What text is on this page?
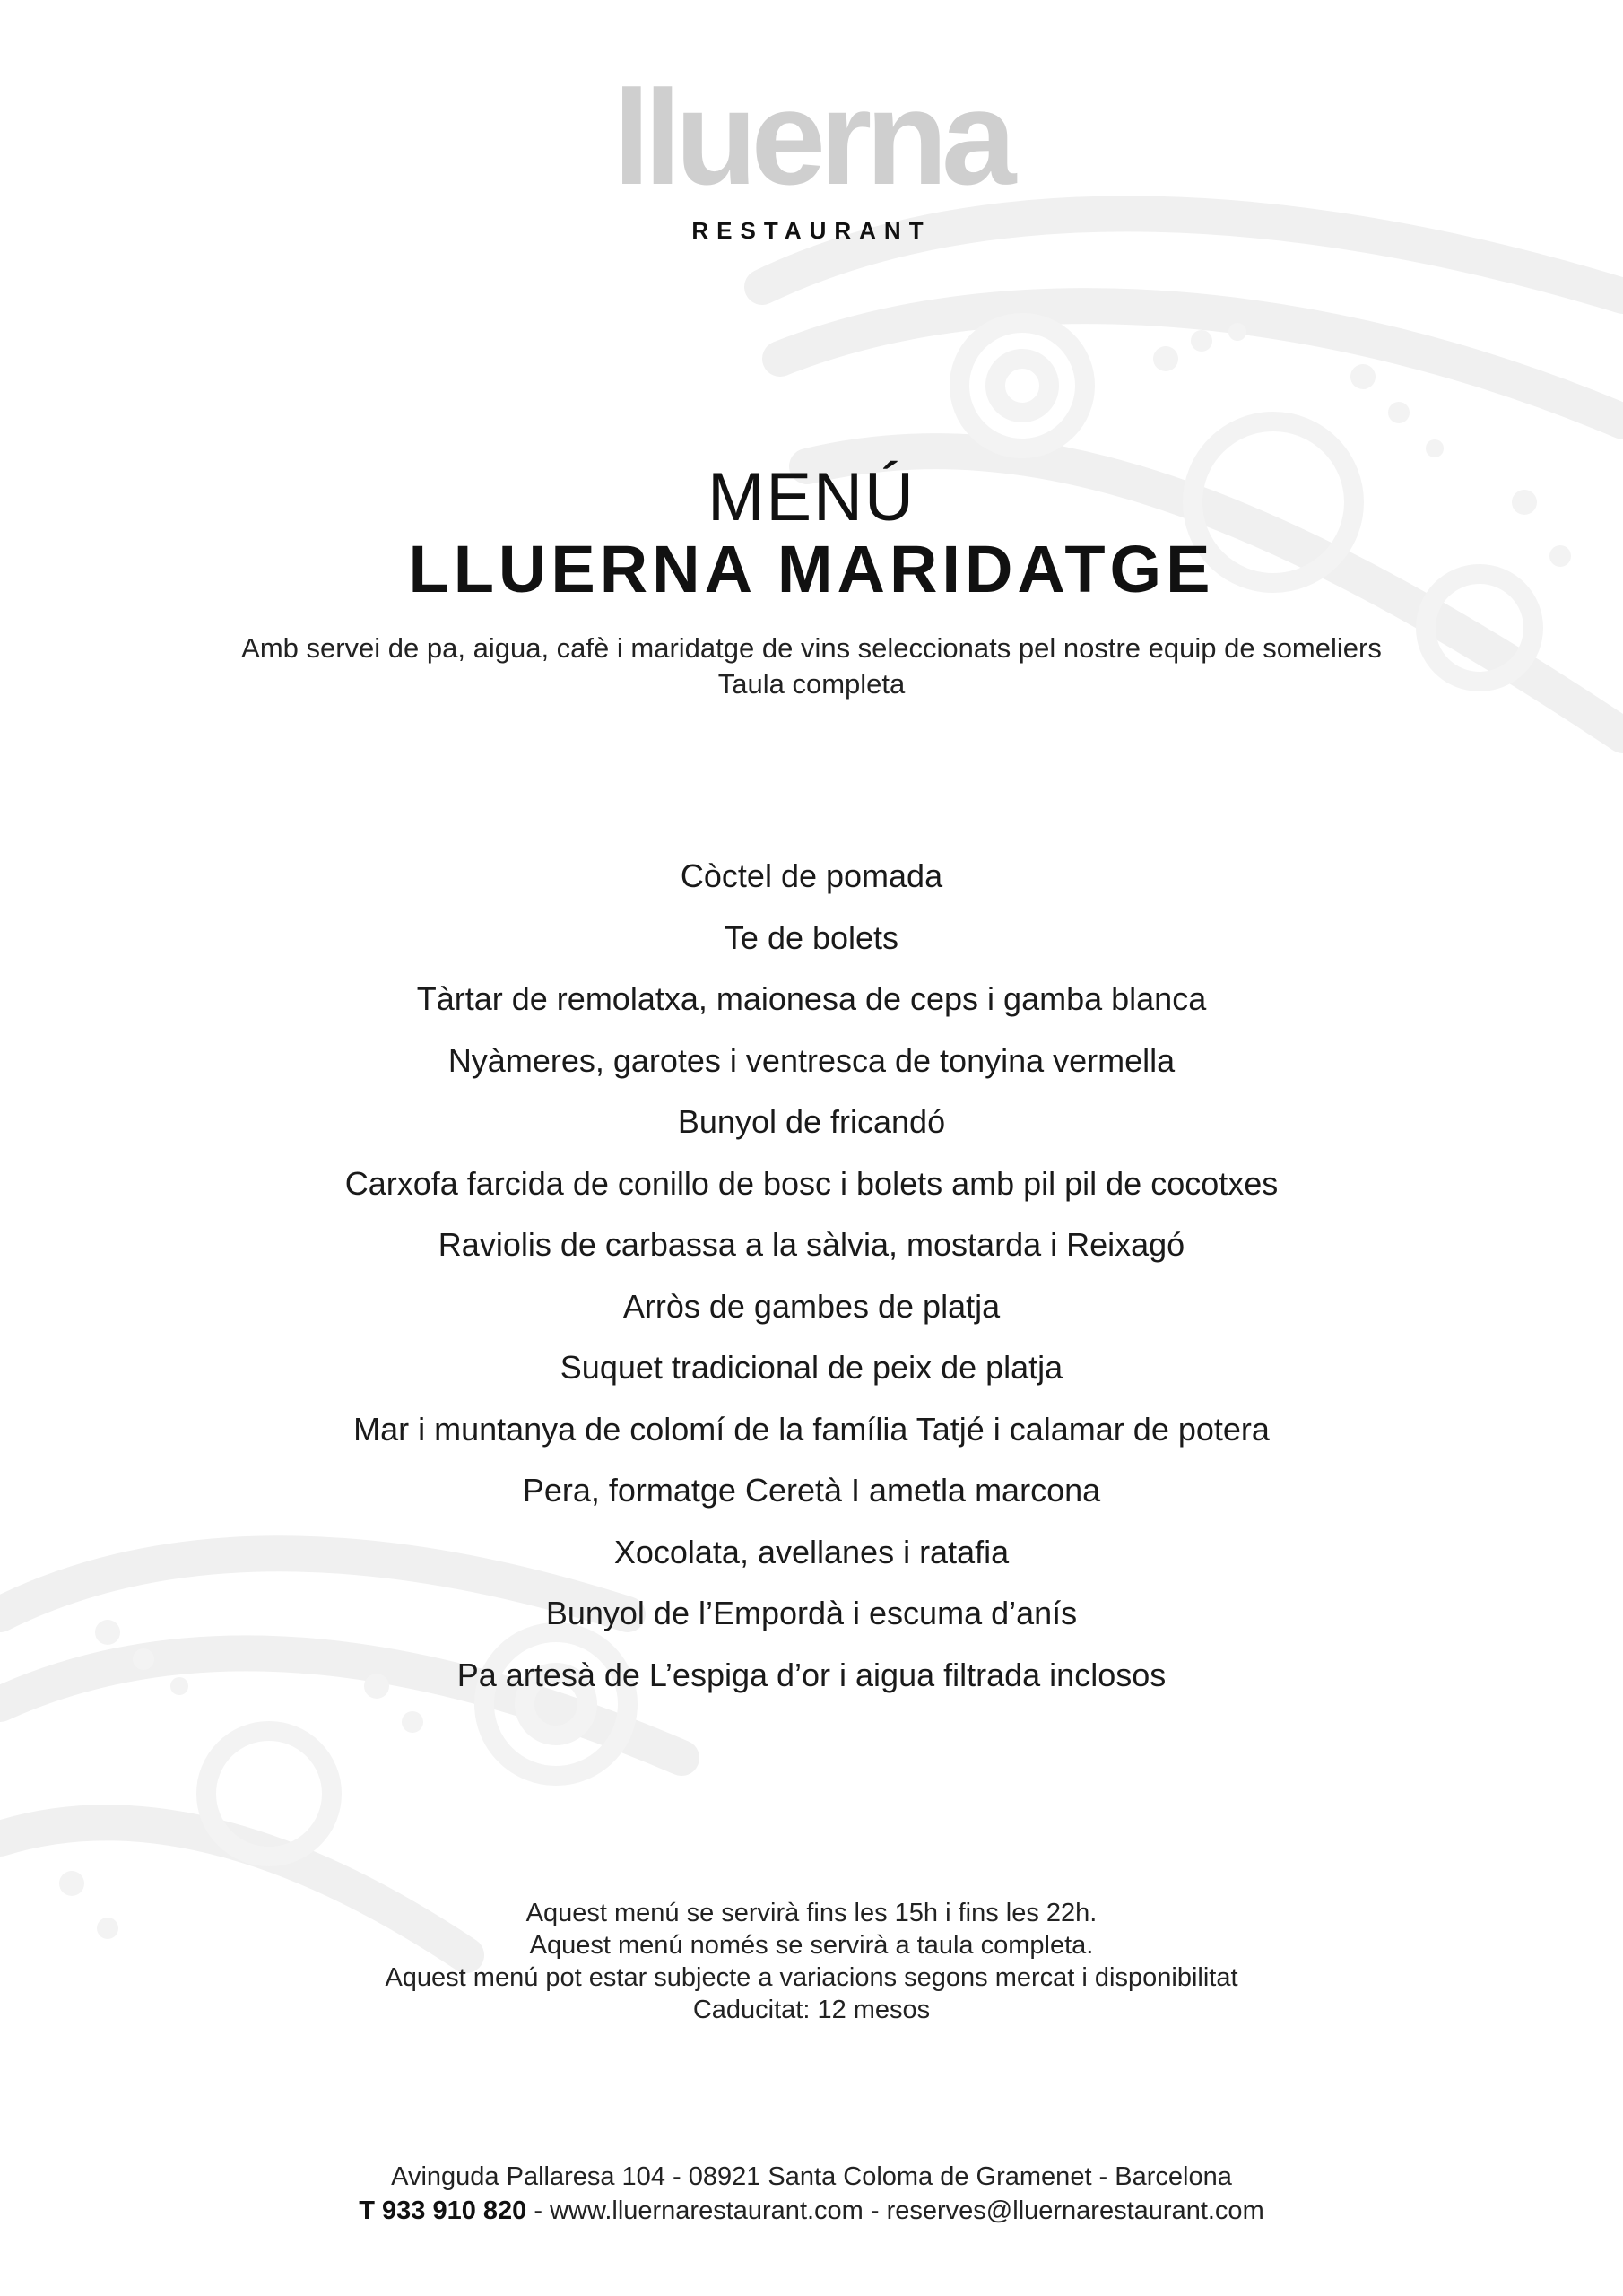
lluerna
RESTAURANT
MENÚ
LLUERNA MARIDATGE
Amb servei de pa, aigua, cafè i maridatge de vins seleccionats pel nostre equip de someliers
Taula completa
Còctel de pomada
Te de bolets
Tàrtar de remolatxa, maionesa de ceps i gamba blanca
Nyàmeres, garotes i ventresca de tonyina vermella
Bunyol de fricandó
Carxofa farcida de conillo de bosc i bolets amb pil pil de cocotxes
Raviolis de carbassa a la sàlvia, mostarda i Reixagó
Arròs de gambes de platja
Suquet tradicional de peix de platja
Mar i muntanya de colomí de la família Tatjé i calamar de potera
Pera, formatge Ceretà I ametla marcona
Xocolata, avellanes i ratafia
Bunyol de l’Empordà i escuma d’anís
Pa artesà de L’espiga d’or i aigua filtrada inclosos
Aquest menú se servirà fins les 15h i fins les 22h.
Aquest menú només se servirà a taula completa.
Aquest menú pot estar subjecte a variacions segons mercat i disponibilitat
Caducitat: 12 mesos
Avinguda Pallaresa 104 - 08921 Santa Coloma de Gramenet - Barcelona
T 933 910 820 - www.lluernarestaurant.com - reserves@lluernarestaurant.com
